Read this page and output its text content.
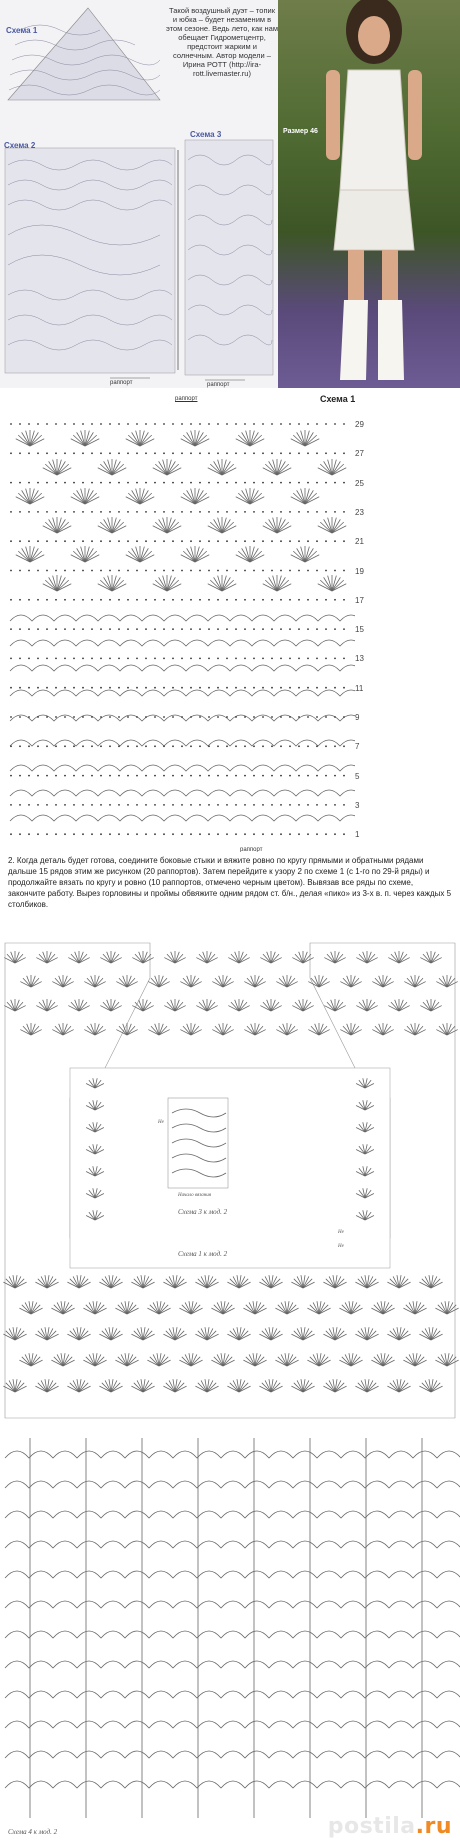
Схема 1
Схема 2
Схема 3
Такой воздушный дуэт – топик и юбка – будет незаменим в этом сезоне. Ведь лето, как нам обещает Гидрометцентр, предстоит жарким и солнечным. Автор модели – Ирина РОТТ (http://ira-rott.livemaster.ru)
раппорт	раппорт
Размер 46
Схема 1
раппорт
29
27
25
23
21
19
17
15
13
11
9
7
5
3
1
раппорт
2. Когда деталь будет готова, соедините боковые стыки и вяжите ровно по кругу прямыми и обратными рядами дальше 15 рядов этим же рисунком (20 раппортов). Затем перейдите к узору 2 по схеме 1 (с 1-го по 29-й ряды) и продолжайте вязать по кругу и ровно (10 раппортов, отмечено черным цветом). Вывязав все ряды по схеме, закончите работу. Вырез горловины и проймы обвяжите одним рядом ст. б/н., делая «пико» из 3-х в. п. через каждых 5 столбиков.
Схема 3 к мод. 2
Схема 1 к мод. 2
Схема 4 к мод. 2
Начало вязания
Не
Не
Не
postila.ru
